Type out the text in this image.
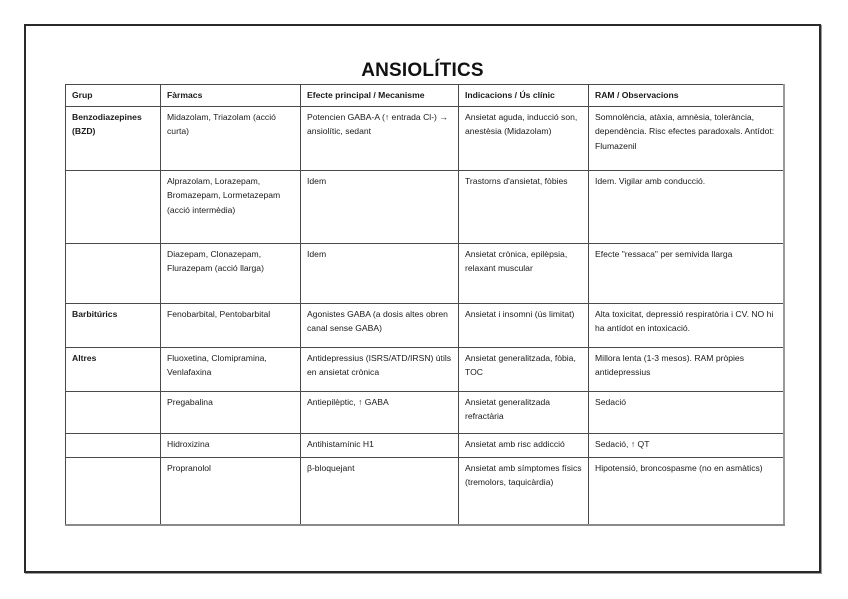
ANSIOLÍTICS
Grup	Fàrmacs	Efecte principal / Mecanisme	Indicacions / Ús clínic	RAM / Observacions
Benzodiazepines (BZD)	Midazolam, Triazolam (acció curta)	Potencien GABA-A (↑ entrada Cl-) → ansiolític, sedant	Ansietat aguda, inducció son, anestèsia (Midazolam)	Somnolència, atàxia, amnèsia, tolerància, dependència. Risc efectes paradoxals. Antídot: Flumazenil
	Alprazolam, Lorazepam, Bromazepam, Lormetazepam (acció intermèdia)	Idem	Trastorns d'ansietat, fòbies	Idem. Vigilar amb conducció.
	Diazepam, Clonazepam, Flurazepam (acció llarga)	Idem	Ansietat crònica, epilèpsia, relaxant muscular	Efecte "ressaca" per semivida llarga
Barbitúrics	Fenobarbital, Pentobarbital	Agonistes GABA (a dosis altes obren canal sense GABA)	Ansietat i insomni (ús limitat)	Alta toxicitat, depressió respiratòria i CV. NO hi ha antídot en intoxicació.
Altres	Fluoxetina, Clomipramina, Venlafaxina	Antidepressius (ISRS/ATD/IRSN) útils en ansietat crònica	Ansietat generalitzada, fòbia, TOC	Millora lenta (1-3 mesos). RAM pròpies antidepressius
	Pregabalina	Antiepilèptic, ↑ GABA	Ansietat generalitzada refractària	Sedació
	Hidroxizina	Antihistamínic H1	Ansietat amb risc addicció	Sedació, ↑ QT
	Propranolol	β-bloquejant	Ansietat amb símptomes físics (tremolors, taquicàrdia)	Hipotensió, broncospasme (no en asmàtics)
